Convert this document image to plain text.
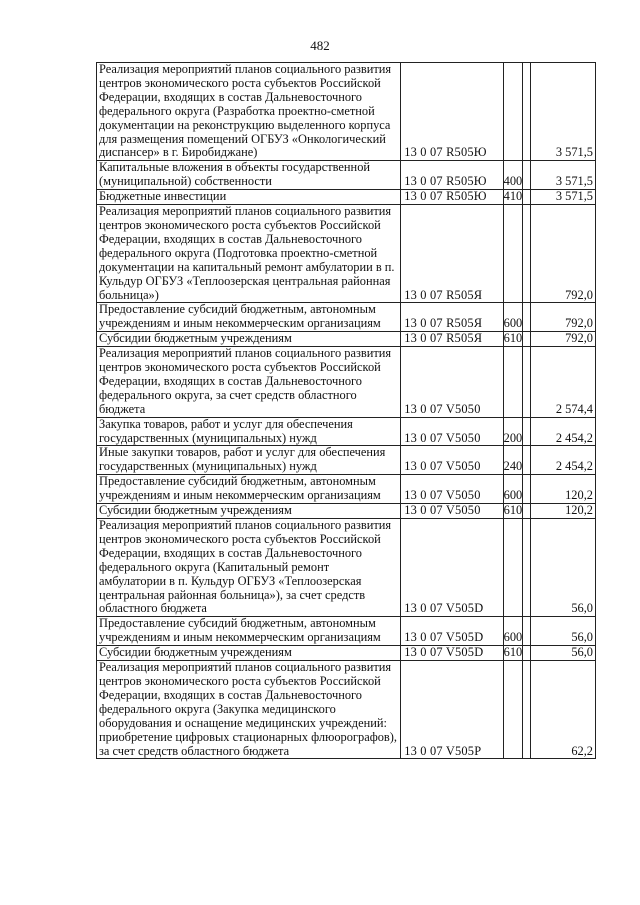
482
Реализация мероприятий планов социального развития центров экономического роста субъектов Российской Федерации, входящих в состав Дальневосточного федерального округа (Разработка проектно-сметной документации на реконструкцию выделенного корпуса для размещения помещений ОГБУЗ «Онкологический диспансер» в г. Биробиджане)	13 0 07 R505Ю			3 571,5
Капитальные вложения в объекты государственной (муниципальной) собственности	13 0 07 R505Ю	400		3 571,5
Бюджетные инвестиции	13 0 07 R505Ю	410		3 571,5
Реализация мероприятий планов социального развития центров экономического роста субъектов Российской Федерации, входящих в состав Дальневосточного федерального округа (Подготовка проектно-сметной документации на капитальный ремонт амбулатории в п. Кульдур ОГБУЗ «Теплоозерская центральная районная больница»)	13 0 07 R505Я			792,0
Предоставление субсидий бюджетным, автономным учреждениям и иным некоммерческим организациям	13 0 07 R505Я	600		792,0
Субсидии бюджетным учреждениям	13 0 07 R505Я	610		792,0
Реализация мероприятий планов социального развития центров экономического роста субъектов Российской Федерации, входящих в состав Дальневосточного федерального округа, за счет средств областного бюджета	13 0 07 V5050			2 574,4
Закупка товаров, работ и услуг для обеспечения государственных (муниципальных) нужд	13 0 07 V5050	200		2 454,2
Иные закупки товаров, работ и услуг для обеспечения государственных (муниципальных) нужд	13 0 07 V5050	240		2 454,2
Предоставление субсидий бюджетным, автономным учреждениям и иным некоммерческим организациям	13 0 07 V5050	600		120,2
Субсидии бюджетным учреждениям	13 0 07 V5050	610		120,2
Реализация мероприятий планов социального развития центров экономического роста субъектов Российской Федерации, входящих в состав Дальневосточного федерального округа (Капитальный ремонт амбулатории в п. Кульдур ОГБУЗ «Теплоозерская центральная районная больница»), за счет средств областного бюджета	13 0 07 V505D			56,0
Предоставление субсидий бюджетным, автономным учреждениям и иным некоммерческим организациям	13 0 07 V505D	600		56,0
Субсидии бюджетным учреждениям	13 0 07 V505D	610		56,0
Реализация мероприятий планов социального развития центров экономического роста субъектов Российской Федерации, входящих в состав Дальневосточного федерального округа (Закупка медицинского оборудования и оснащение медицинских учреждений: приобретение цифровых стационарных флюорографов), за счет средств областного бюджета	13 0 07 V505P			62,2
